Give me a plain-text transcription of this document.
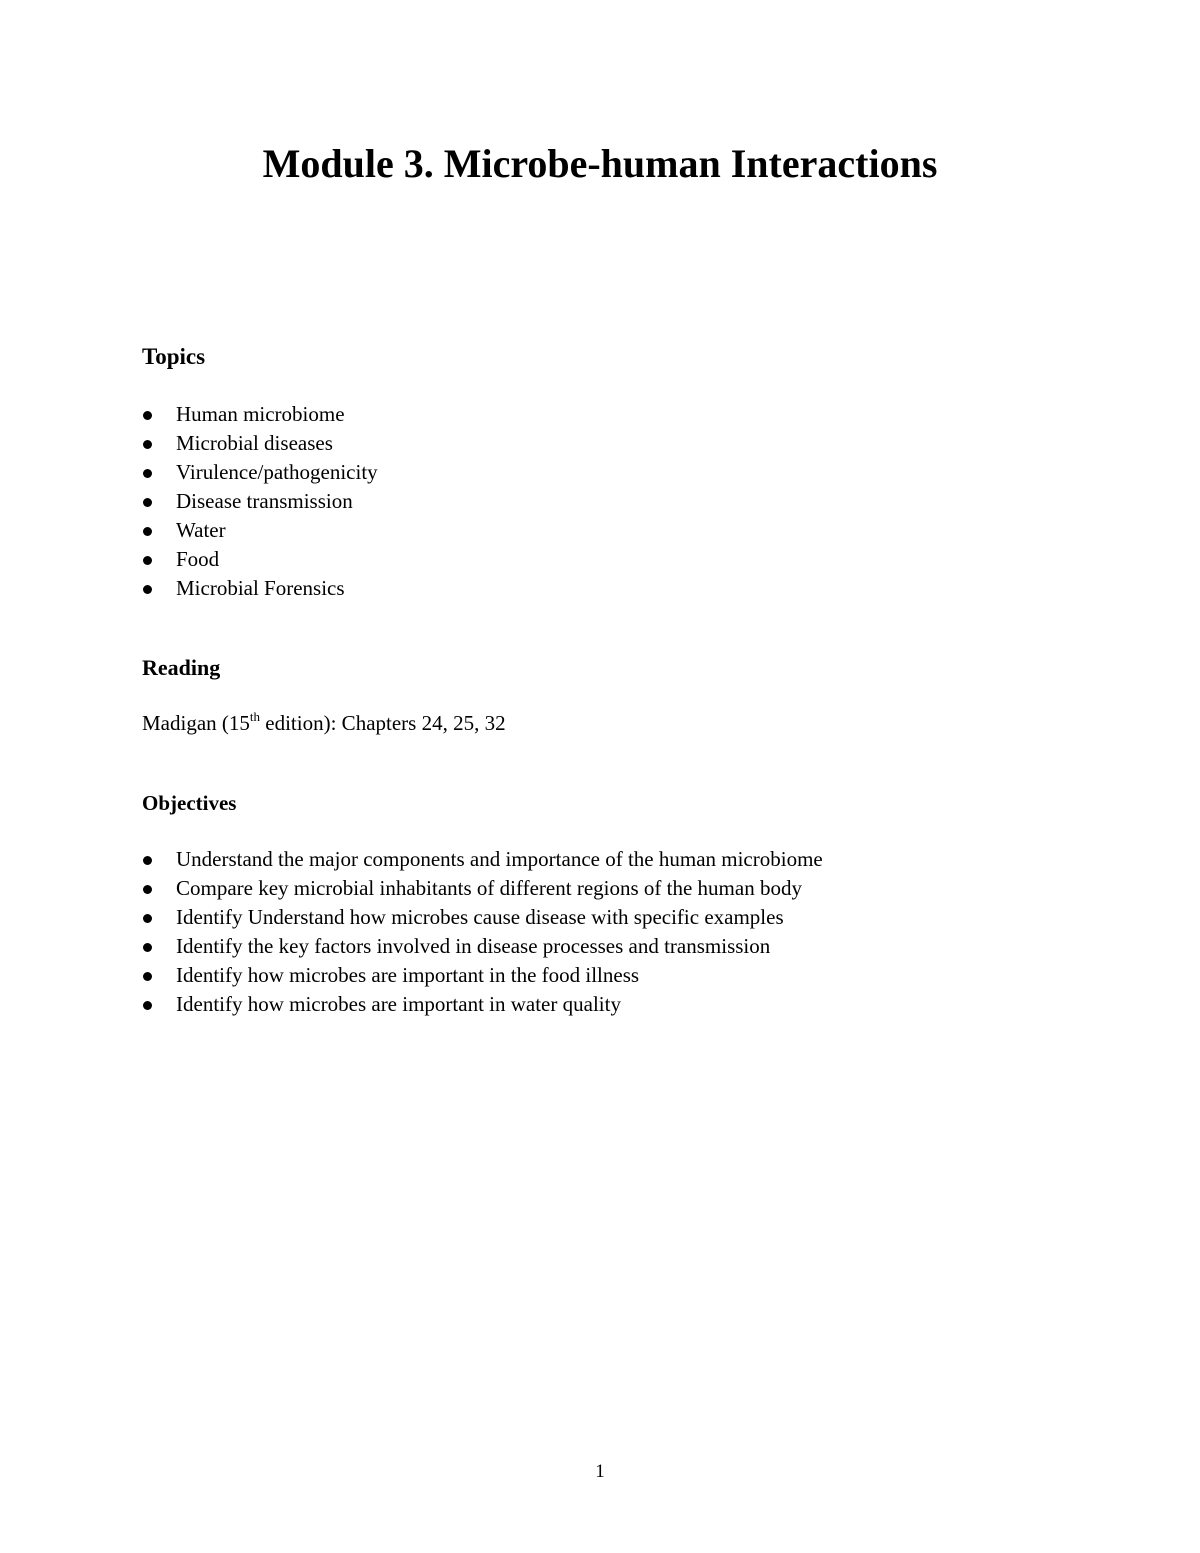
Module 3. Microbe-human Interactions
Topics
Human microbiome
Microbial diseases
Virulence/pathogenicity
Disease transmission
Water
Food
Microbial Forensics
Reading

Madigan (15th edition): Chapters 24, 25, 32

Objectives
Understand the major components and importance of the human microbiome
Compare key microbial inhabitants of different regions of the human body
Identify Understand how microbes cause disease with specific examples
Identify the key factors involved in disease processes and transmission
Identify how microbes are important in the food illness
Identify how microbes are important in water quality
1
